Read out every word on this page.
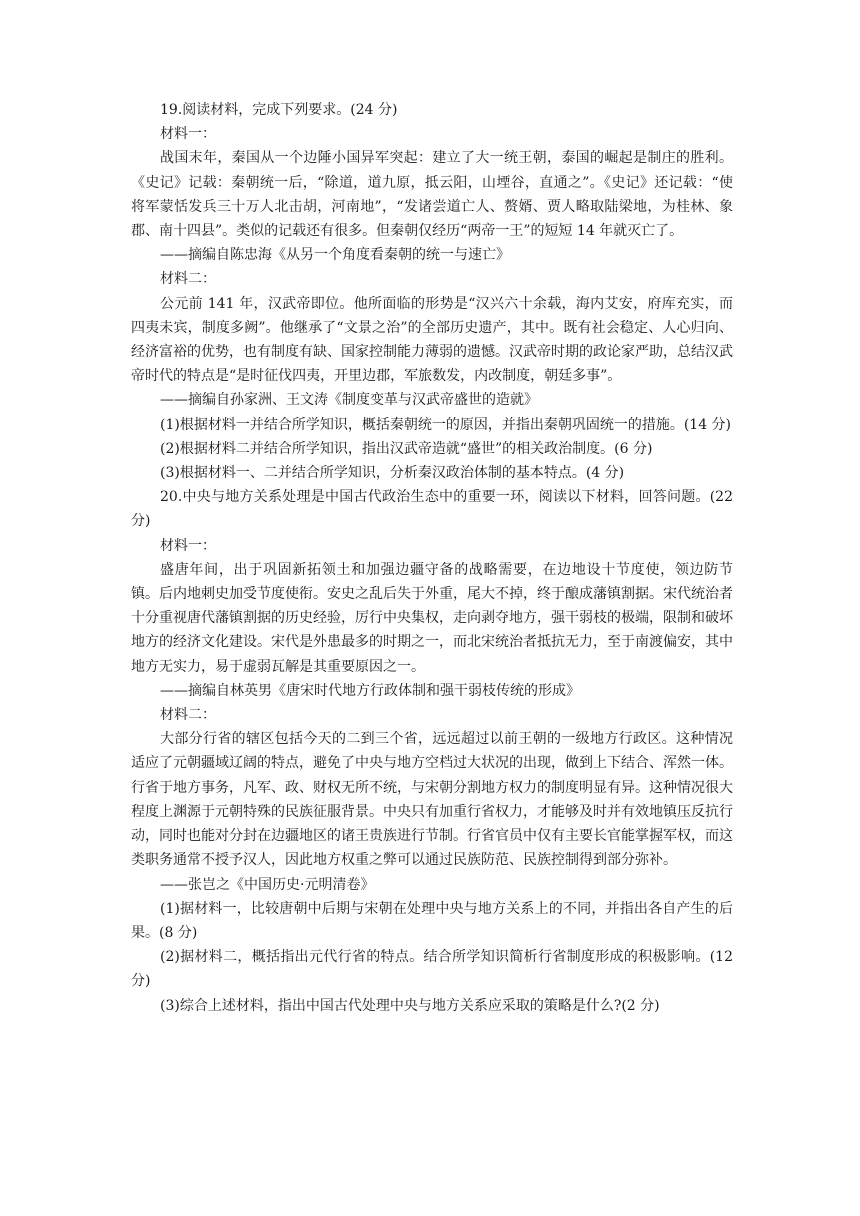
19.阅读材料，完成下列要求。(24 分)

材料一：

战国末年，秦国从一个边陲小国异军突起：建立了大一统王朝，泰国的崛起是制庄的胜利。《史记》记载：秦朝统一后，“除道，道九原，抵云阳，山堙谷，直通之”。《史记》还记载：“使将军蒙恬发兵三十万人北击胡，河南地”，“发诸尝道亡人、赘婿、贾人略取陆梁地，为桂林、象郡、南十四县”。类似的记载还有很多。但秦朝仅经历“两帝一王”的短短 14 年就灭亡了。

——摘编自陈忠海《从另一个角度看秦朝的统一与速亡》

材料二：

公元前 141 年，汉武帝即位。他所面临的形势是“汉兴六十余载，海内艾安，府库充实，而四夷未宾，制度多阙”。他继承了“文景之治”的全部历史遗产，其中。既有社会稳定、人心归向、经济富裕的优势，也有制度有缺、国家控制能力薄弱的遗憾。汉武帝时期的政论家严助，总结汉武帝时代的特点是“是时征伐四夷，开里边郡，军旅数发，内改制度，朝廷多事”。

——摘编自孙家洲、王文涛《制度变革与汉武帝盛世的造就》

(1)根据材料一并结合所学知识，概括秦朝统一的原因，并指出秦朝巩固统一的措施。(14 分)

(2)根据材料二并结合所学知识，指出汉武帝造就“盛世”的相关政治制度。(6 分)

(3)根据材料一、二并结合所学知识，分析秦汉政治体制的基本特点。(4 分)

20.中央与地方关系处理是中国古代政治生态中的重要一环，阅读以下材料，回答问题。(22 分)

材料一：

盛唐年间，出于巩固新拓领土和加强边疆守备的战略需要，在边地设十节度使，领边防节镇。后内地刺史加受节度使衔。安史之乱后失于外重，尾大不掉，终于酿成藩镇割据。宋代统治者十分重视唐代藩镇割据的历史经验，厉行中央集权，走向剥夺地方，强干弱枝的极端，限制和破坏地方的经济文化建设。宋代是外患最多的时期之一，而北宋统治者抵抗无力，至于南渡偏安，其中地方无实力，易于虚弱瓦解是其重要原因之一。

——摘编自林英男《唐宋时代地方行政体制和强干弱枝传统的形成》

材料二：

大部分行省的辖区包括今天的二到三个省，远远超过以前王朝的一级地方行政区。这种情况适应了元朝疆域辽阔的特点，避免了中央与地方空档过大状况的出现，做到上下结合、浑然一体。行省于地方事务，凡军、政、财权无所不统，与宋朝分割地方权力的制度明显有异。这种情况很大程度上渊源于元朝特殊的民族征服背景。中央只有加重行省权力，才能够及时并有效地镇压反抗行动，同时也能对分封在边疆地区的诸王贵族进行节制。行省官员中仅有主要长官能掌握军权，而这类职务通常不授予汉人，因此地方权重之弊可以通过民族防范、民族控制得到部分弥补。

——张岂之《中国历史·元明清卷》

(1)据材料一，比较唐朝中后期与宋朝在处理中央与地方关系上的不同，并指出各自产生的后果。(8 分)

(2)据材料二，概括指出元代行省的特点。结合所学知识简析行省制度形成的积极影响。(12 分)

(3)综合上述材料，指出中国古代处理中央与地方关系应采取的策略是什么?(2 分)
